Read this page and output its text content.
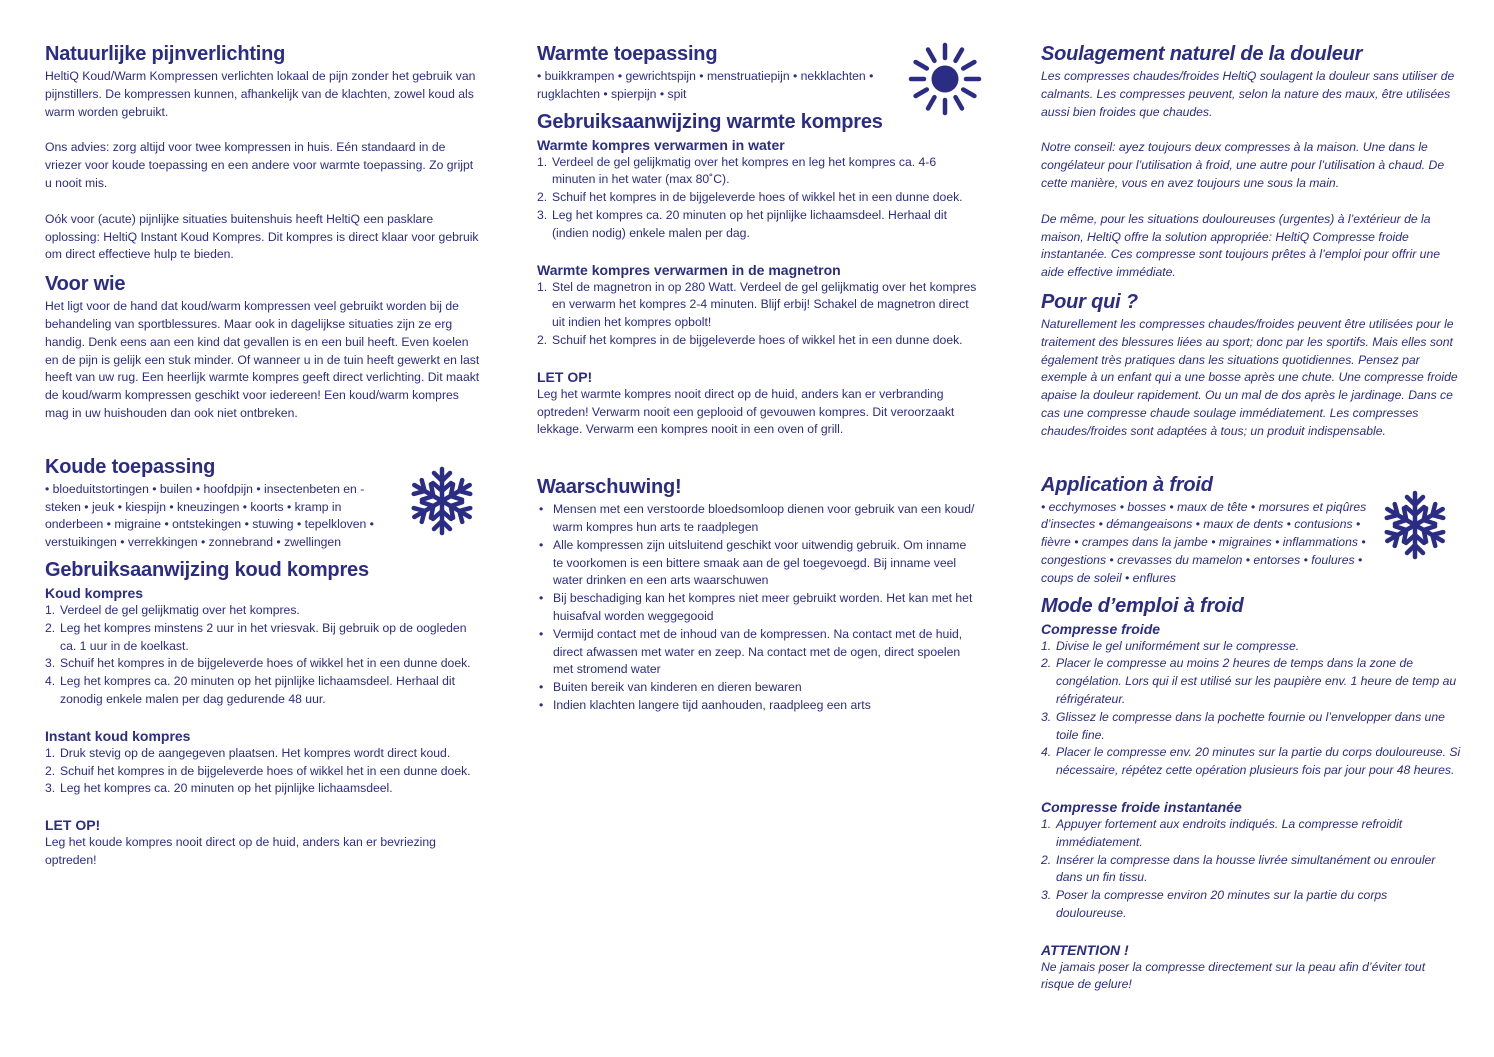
Natuurlijke pijnverlichting

HeltiQ Koud/Warm Kompressen verlichten lokaal de pijn zonder het gebruik van pijnstillers. De kompressen kunnen, afhankelijk van de klachten, zowel koud als warm worden gebruikt.

Ons advies: zorg altijd voor twee kompressen in huis. Eén standaard in de vriezer voor koude toepassing en een andere voor warmte toepassing. Zo grijpt u nooit mis.

Oók voor (acute) pijnlijke situaties buitenshuis heeft HeltiQ een pasklare oplossing: HeltiQ Instant Koud Kompres. Dit kompres is direct klaar voor gebruik om direct effectieve hulp te bieden.

Voor wie

Het ligt voor de hand dat koud/warm kompressen veel gebruikt worden bij de behandeling van sportblessures. Maar ook in dagelijkse situaties zijn ze erg handig. Denk eens aan een kind dat gevallen is en een buil heeft. Even koelen en de pijn is gelijk een stuk minder. Of wanneer u in de tuin heeft gewerkt en last heeft van uw rug. Een heerlijk warmte kompres geeft direct verlichting. Dit maakt de koud/warm kompressen geschikt voor iedereen! Een koud/warm kompres mag in uw huishouden dan ook niet ontbreken.

Koude toepassing

• bloeduitstortingen • builen • hoofdpijn • insectenbeten en -steken • jeuk • kiespijn • kneuzingen • koorts • kramp in onderbeen • migraine • ontstekingen • stuwing • tepelkloven • verstuikingen • verrekkingen • zonnebrand • zwellingen

Gebruiksaanwijzing koud kompres
Koud kompres
1. Verdeel de gel gelijkmatig over het kompres.
2. Leg het kompres minstens 2 uur in het vriesvak. Bij gebruik op de oogleden ca. 1 uur in de koelkast.
3. Schuif het kompres in de bijgeleverde hoes of wikkel het in een dunne doek.
4. Leg het kompres ca. 20 minuten op het pijnlijke lichaamsdeel. Herhaal dit zonodig enkele malen per dag gedurende 48 uur.
Instant koud kompres
1. Druk stevig op de aangegeven plaatsen. Het kompres wordt direct koud.
2. Schuif het kompres in de bijgeleverde hoes of wikkel het in een dunne doek.
3. Leg het kompres ca. 20 minuten op het pijnlijke lichaamsdeel.
LET OP!

Leg het koude kompres nooit direct op de huid, anders kan er bevriezing optreden!

Warmte toepassing

• buikkrampen • gewrichtspijn • menstruatiepijn • nekklachten • rugklachten • spierpijn • spit

Gebruiksaanwijzing warmte kompres
Warmte kompres verwarmen in water
1. Verdeel de gel gelijkmatig over het kompres en leg het kompres ca. 4-6 minuten in het water (max 80˚C).
2. Schuif het kompres in de bijgeleverde hoes of wikkel het in een dunne doek.
3. Leg het kompres ca. 20 minuten op het pijnlijke lichaamsdeel. Herhaal dit (indien nodig) enkele malen per dag.
Warmte kompres verwarmen in de magnetron
1. Stel de magnetron in op 280 Watt. Verdeel de gel gelijkmatig over het kompres en verwarm het kompres 2-4 minuten. Blijf erbij! Schakel de magnetron direct uit indien het kompres opbolt!
2. Schuif het kompres in de bijgeleverde hoes of wikkel het in een dunne doek.
LET OP!

Leg het warmte kompres nooit direct op de huid, anders kan er verbranding optreden! Verwarm nooit een geplooid of gevouwen kompres. Dit veroorzaakt lekkage. Verwarm een kompres nooit in een oven of grill.

Waarschuwing!
• Mensen met een verstoorde bloedsomloop dienen voor gebruik van een koud/ warm kompres hun arts te raadplegen
• Alle kompressen zijn uitsluitend geschikt voor uitwendig gebruik. Om inname te voorkomen is een bittere smaak aan de gel toegevoegd. Bij inname veel water drinken en een arts waarschuwen
• Bij beschadiging kan het kompres niet meer gebruikt worden. Het kan met het huisafval worden weggegooid
• Vermijd contact met de inhoud van de kompressen. Na contact met de huid, direct afwassen met water en zeep. Na contact met de ogen, direct spoelen met stromend water
• Buiten bereik van kinderen en dieren bewaren
• Indien klachten langere tijd aanhouden, raadpleeg een arts
Soulagement naturel de la douleur

Les compresses chaudes/froides HeltiQ soulagent la douleur sans utiliser de calmants. Les compresses peuvent, selon la nature des maux, être utilisées aussi bien froides que chaudes.

Notre conseil: ayez toujours deux compresses à la maison. Une dans le congélateur pour l’utilisation à froid, une autre pour l’utilisation à chaud. De cette manière, vous en avez toujours une sous la main.

De même, pour les situations douloureuses (urgentes) à l’extérieur de la maison, HeltiQ offre la solution appropriée: HeltiQ Compresse froide instantanée. Ces compresse sont toujours prêtes à l’emploi pour offrir une aide effective immédiate.

Pour qui ?

Naturellement les compresses chaudes/froides peuvent être utilisées pour le traitement des blessures liées au sport; donc par les sportifs. Mais elles sont également très pratiques dans les situations quotidiennes. Pensez par exemple à un enfant qui a une bosse après une chute. Une compresse froide apaise la douleur rapidement. Ou un mal de dos après le jardinage. Dans ce cas une compresse chaude soulage immédiatement. Les compresses chaudes/froides sont adaptées à tous; un produit indispensable.

Application à froid

• ecchymoses • bosses • maux de tête • morsures et piqûres d’insectes • démangeaisons • maux de dents • contusions • fièvre • crampes dans la jambe • migraines • inflammations • congestions • crevasses du mamelon • entorses • foulures • coups de soleil • enflures

Mode d’emploi à froid
Compresse froide
1. Divise le gel uniformément sur le compresse.
2. Placer le compresse au moins 2 heures de temps dans la zone de congélation. Lors qui il est utilisé sur les paupière env. 1 heure de temp au réfrigérateur.
3. Glissez le compresse dans la pochette fournie ou l’envelopper dans une toile fine.
4. Placer le compresse env. 20 minutes sur la partie du corps douloureuse. Si nécessaire, répétez cette opération plusieurs fois par jour pour 48 heures.
Compresse froide instantanée
1. Appuyer fortement aux endroits indiqués. La compresse refroidit immédiatement.
2. Insérer la compresse dans la housse livrée simultanément ou enrouler dans un fin tissu.
3. Poser la compresse environ 20 minutes sur la partie du corps douloureuse.
ATTENTION !

Ne jamais poser la compresse directement sur la peau afin d’éviter tout risque de gelure!
